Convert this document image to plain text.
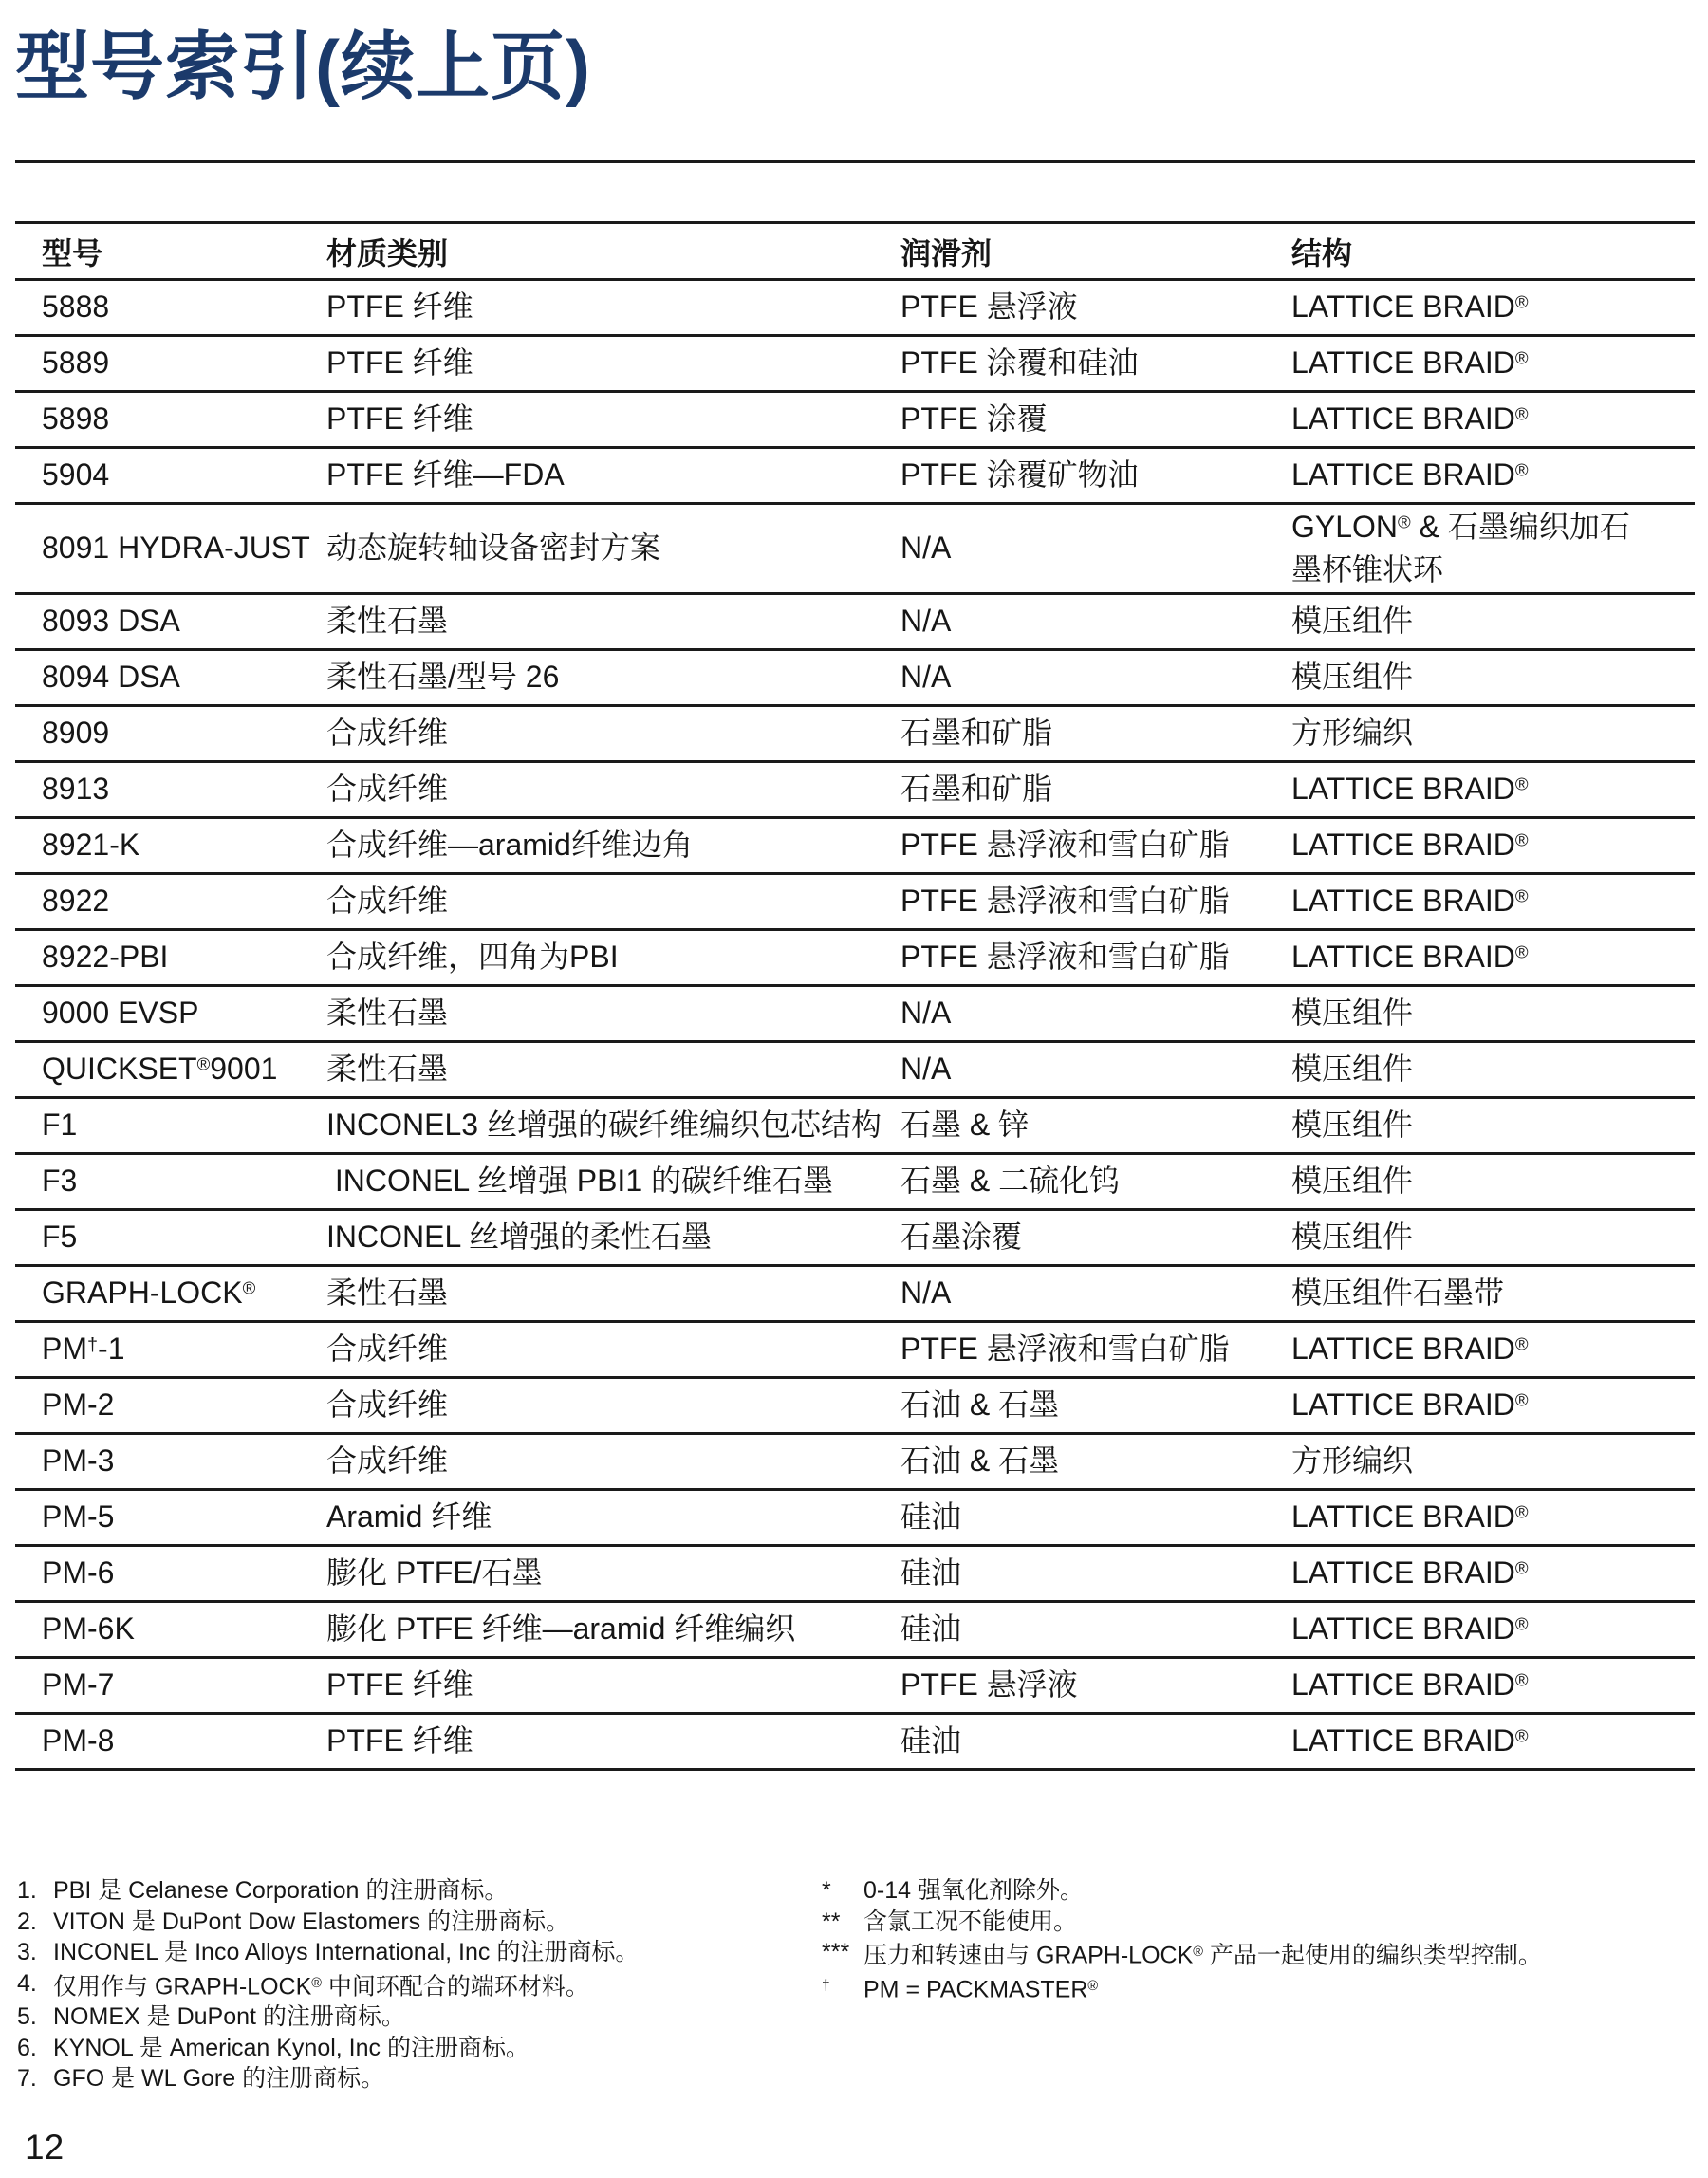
型号索引(续上页)
型号	材质类别	润滑剂	结构
5888	PTFE 纤维	PTFE 悬浮液	LATTICE BRAID®
5889	PTFE 纤维	PTFE 涂覆和硅油	LATTICE BRAID®
5898	PTFE 纤维	PTFE 涂覆	LATTICE BRAID®
5904	PTFE 纤维—FDA	PTFE 涂覆矿物油	LATTICE BRAID®
8091 HYDRA-JUST	动态旋转轴设备密封方案	N/A	GYLON® & 石墨编织加石墨杯锥状环
8093 DSA	柔性石墨	N/A	模压组件
8094 DSA	柔性石墨/型号 26	N/A	模压组件
8909	合成纤维	石墨和矿脂	方形编织
8913	合成纤维	石墨和矿脂	LATTICE BRAID®
8921-K	合成纤维—aramid纤维边角	PTFE 悬浮液和雪白矿脂	LATTICE BRAID®
8922	合成纤维	PTFE 悬浮液和雪白矿脂	LATTICE BRAID®
8922-PBI	合成纤维，四角为PBI	PTFE 悬浮液和雪白矿脂	LATTICE BRAID®
9000 EVSP	柔性石墨	N/A	模压组件
QUICKSET®9001	柔性石墨	N/A	模压组件
F1	INCONEL3 丝增强的碳纤维编织包芯结构	石墨 & 锌	模压组件
F3	INCONEL 丝增强 PBI1 的碳纤维石墨	石墨 & 二硫化钨	模压组件
F5	INCONEL 丝增强的柔性石墨	石墨涂覆	模压组件
GRAPH-LOCK®	柔性石墨	N/A	模压组件石墨带
PM†-1	合成纤维	PTFE 悬浮液和雪白矿脂	LATTICE BRAID®
PM-2	合成纤维	石油 & 石墨	LATTICE BRAID®
PM-3	合成纤维	石油 & 石墨	方形编织
PM-5	Aramid 纤维	硅油	LATTICE BRAID®
PM-6	膨化 PTFE/石墨	硅油	LATTICE BRAID®
PM-6K	膨化 PTFE 纤维—aramid 纤维编织	硅油	LATTICE BRAID®
PM-7	PTFE 纤维	PTFE 悬浮液	LATTICE BRAID®
PM-8	PTFE 纤维	硅油	LATTICE BRAID®
1. PBI 是 Celanese Corporation 的注册商标。
2. VITON 是 DuPont Dow Elastomers 的注册商标。
3. INCONEL 是 Inco Alloys International, Inc 的注册商标。
4. 仅用作与 GRAPH-LOCK® 中间环配合的端环材料。
5. NOMEX 是 DuPont 的注册商标。
6. KYNOL 是 American Kynol, Inc 的注册商标。
7. GFO 是 WL Gore 的注册商标。
*	0-14 强氧化剂除外。
** 含氯工况不能使用。
*** 压力和转速由与 GRAPH-LOCK® 产品一起使用的编织类型控制。
†	PM = PACKMASTER®
12
